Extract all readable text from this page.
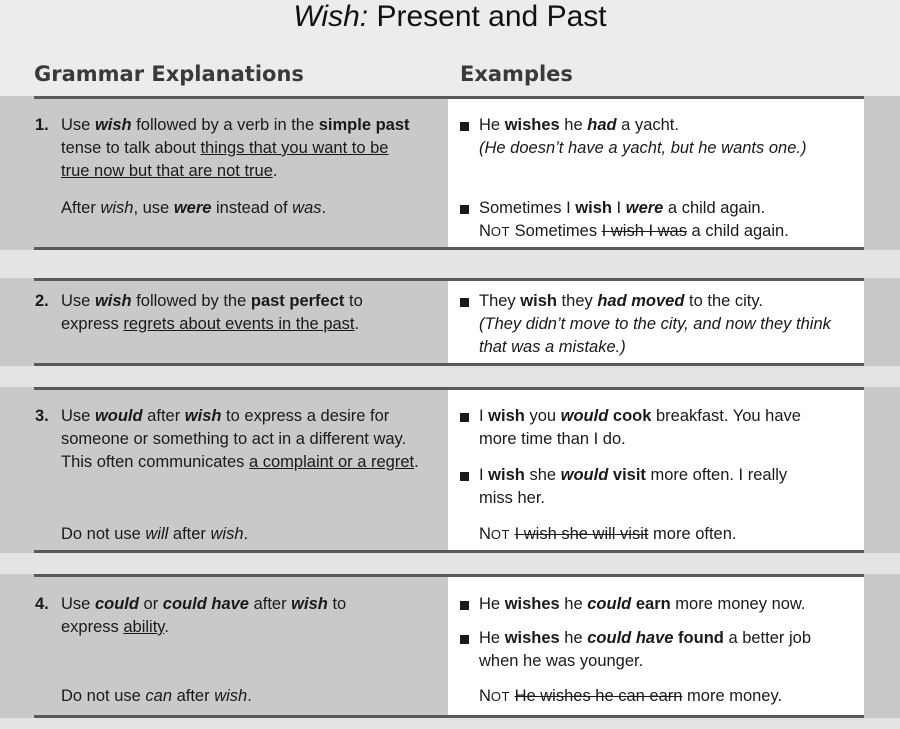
Wish: Present and Past
Grammar Explanations	Examples
1. Use wish followed by a verb in the simple past
tense to talk about things that you want to be
true now but that are not true.
After wish, use were instead of was.
He wishes he had a yacht.
(He doesn’t have a yacht, but he wants one.)
Sometimes I wish I were a child again.
NOT Sometimes I wish I was a child again.
2. Use wish followed by the past perfect to
express regrets about events in the past.
They wish they had moved to the city.
(They didn’t move to the city, and now they think
that was a mistake.)
3. Use would after wish to express a desire for
someone or something to act in a different way.
This often communicates a complaint or a regret.
Do not use will after wish.
I wish you would cook breakfast. You have
more time than I do.
I wish she would visit more often. I really
miss her.
NOT I wish she will visit more often.
4. Use could or could have after wish to
express ability.
Do not use can after wish.
He wishes he could earn more money now.
He wishes he could have found a better job
when he was younger.
NOT He wishes he can earn more money.
